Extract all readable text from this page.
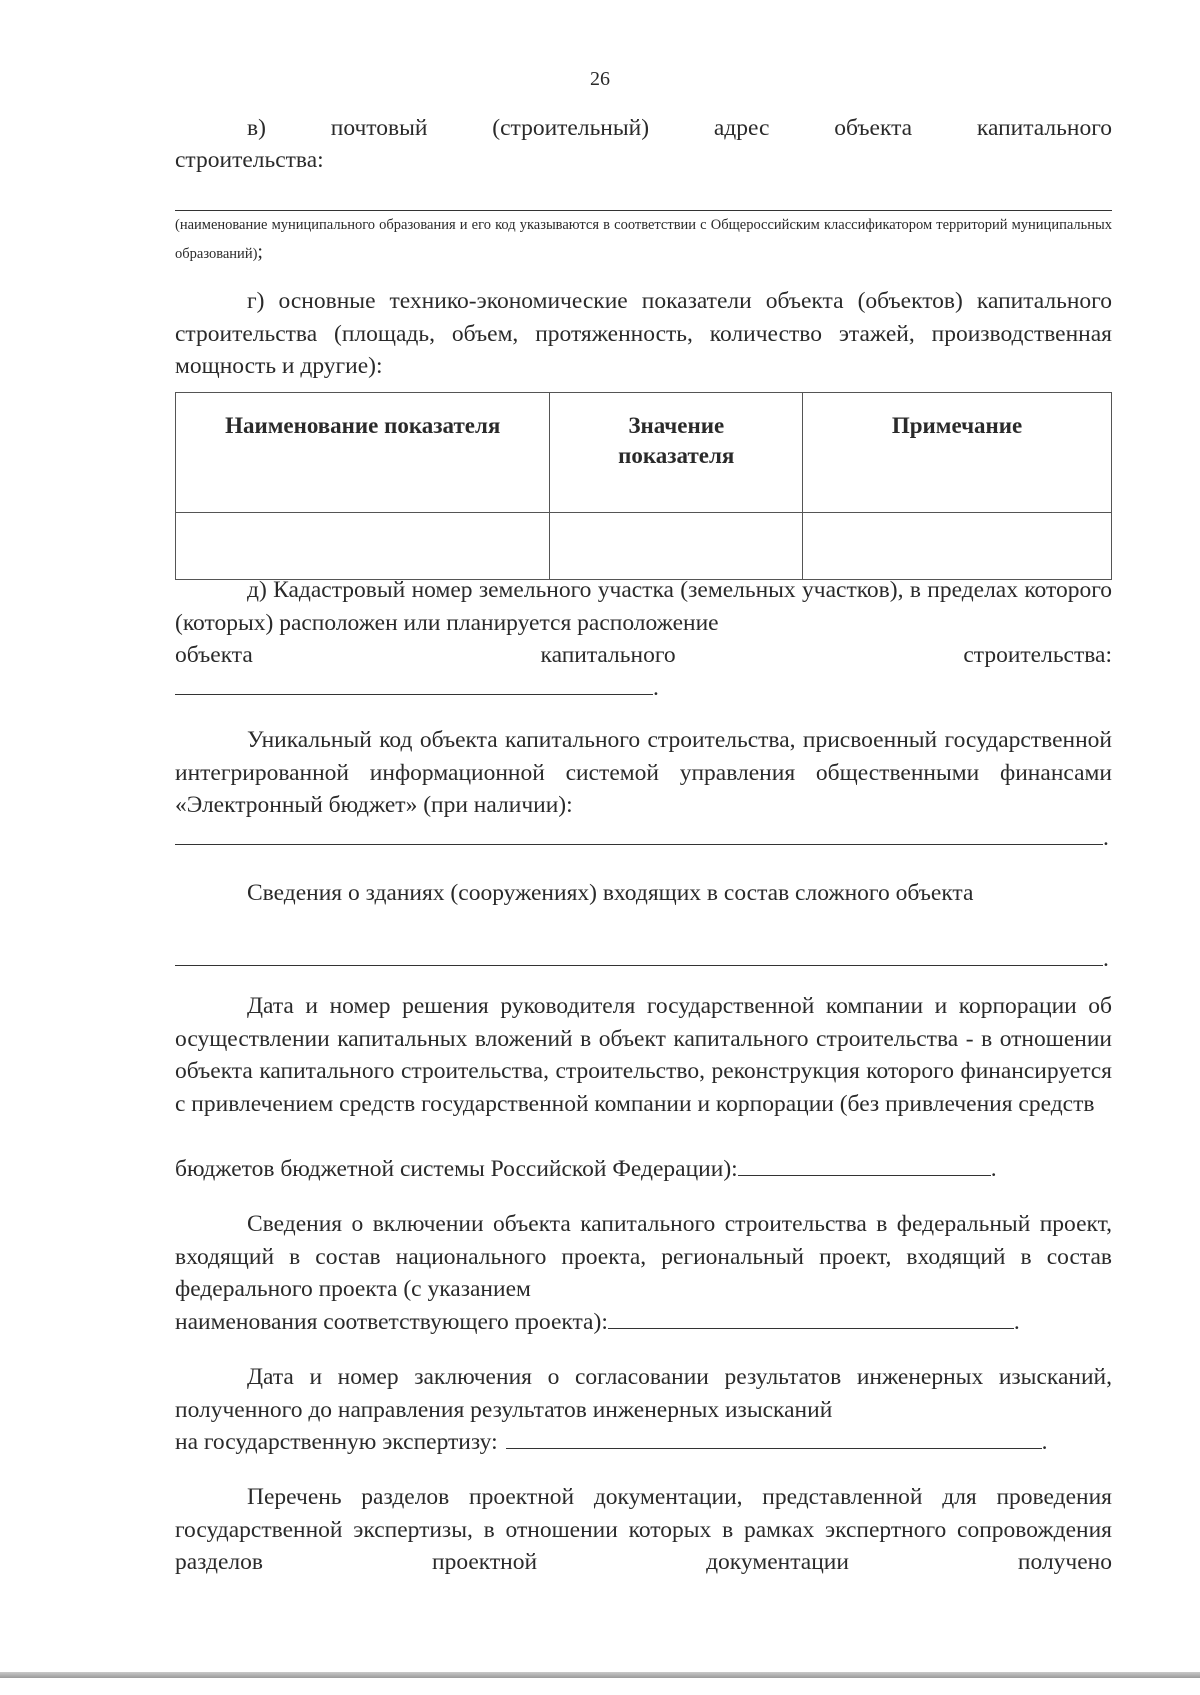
26
в) почтовый (строительный) адрес объекта капитального
строительства:
(наименование муниципального образования и его код указываются в соответствии с Общероссийским классификатором территорий муниципальных образований);
г) основные технико-экономические показатели объекта (объектов) капитального строительства (площадь, объем, протяженность, количество этажей, производственная мощность и другие):
Наименование показателя	Значение показателя	Примечание

д) Кадастровый номер земельного участка (земельных участков), в пределах которого (которых) расположен или планируется расположение
объекта	капитального	строительства:
.
Уникальный код объекта капитального строительства, присвоенный государственной интегрированной информационной системой управления общественными финансами «Электронный бюджет» (при наличии):
.
Сведения о зданиях (сооружениях) входящих в состав сложного объекта
.
Дата и номер решения руководителя государственной компании и корпорации об осуществлении капитальных вложений в объект капитального строительства - в отношении объекта капитального строительства, строительство, реконструкция которого финансируется с привлечением средств государственной компании и корпорации (без привлечения средств
бюджетов бюджетной системы Российской Федерации):	.
Сведения о включении объекта капитального строительства в федеральный проект, входящий в состав национального проекта, региональный проект, входящий в состав федерального проекта (с указанием
наименования соответствующего проекта):	.
Дата и номер заключения о согласовании результатов инженерных изысканий, полученного до направления результатов инженерных изысканий
на государственную экспертизу:	.
Перечень разделов проектной документации, представленной для проведения государственной экспертизы, в отношении которых в рамках экспертного сопровождения разделов проектной документации получено
